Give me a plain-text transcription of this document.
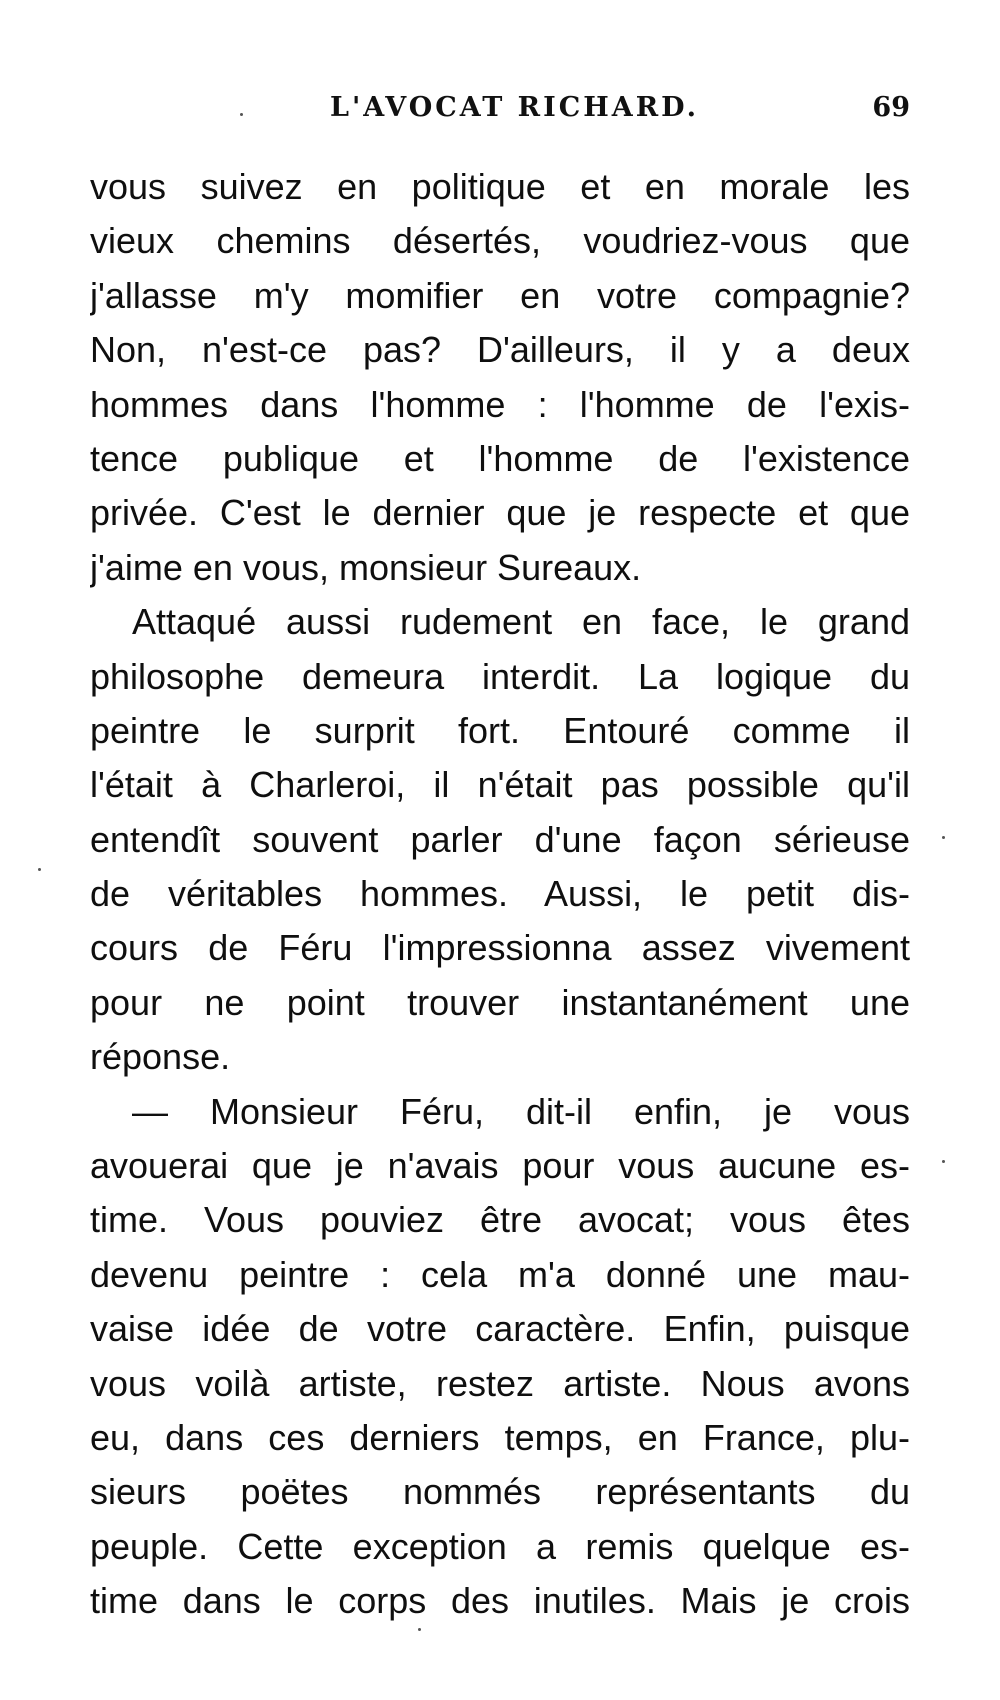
L'AVOCAT RICHARD.	69
vous suivez en politique et en morale les
vieux chemins désertés, voudriez-vous que
j'allasse m'y momifier en votre compagnie?
Non, n'est-ce pas? D'ailleurs, il y a deux
hommes dans l'homme : l'homme de l'exis-
tence publique et l'homme de l'existence
privée. C'est le dernier que je respecte et que
j'aime en vous, monsieur Sureaux.
Attaqué aussi rudement en face, le grand
philosophe demeura interdit. La logique du
peintre le surprit fort. Entouré comme il
l'était à Charleroi, il n'était pas possible qu'il
entendît souvent parler d'une façon sérieuse
de véritables hommes. Aussi, le petit dis-
cours de Féru l'impressionna assez vivement
pour ne point trouver instantanément une
réponse.
— Monsieur Féru, dit-il enfin, je vous
avouerai que je n'avais pour vous aucune es-
time. Vous pouviez être avocat; vous êtes
devenu peintre : cela m'a donné une mau-
vaise idée de votre caractère. Enfin, puisque
vous voilà artiste, restez artiste. Nous avons
eu, dans ces derniers temps, en France, plu-
sieurs poëtes nommés représentants du
peuple. Cette exception a remis quelque es-
time dans le corps des inutiles. Mais je crois
